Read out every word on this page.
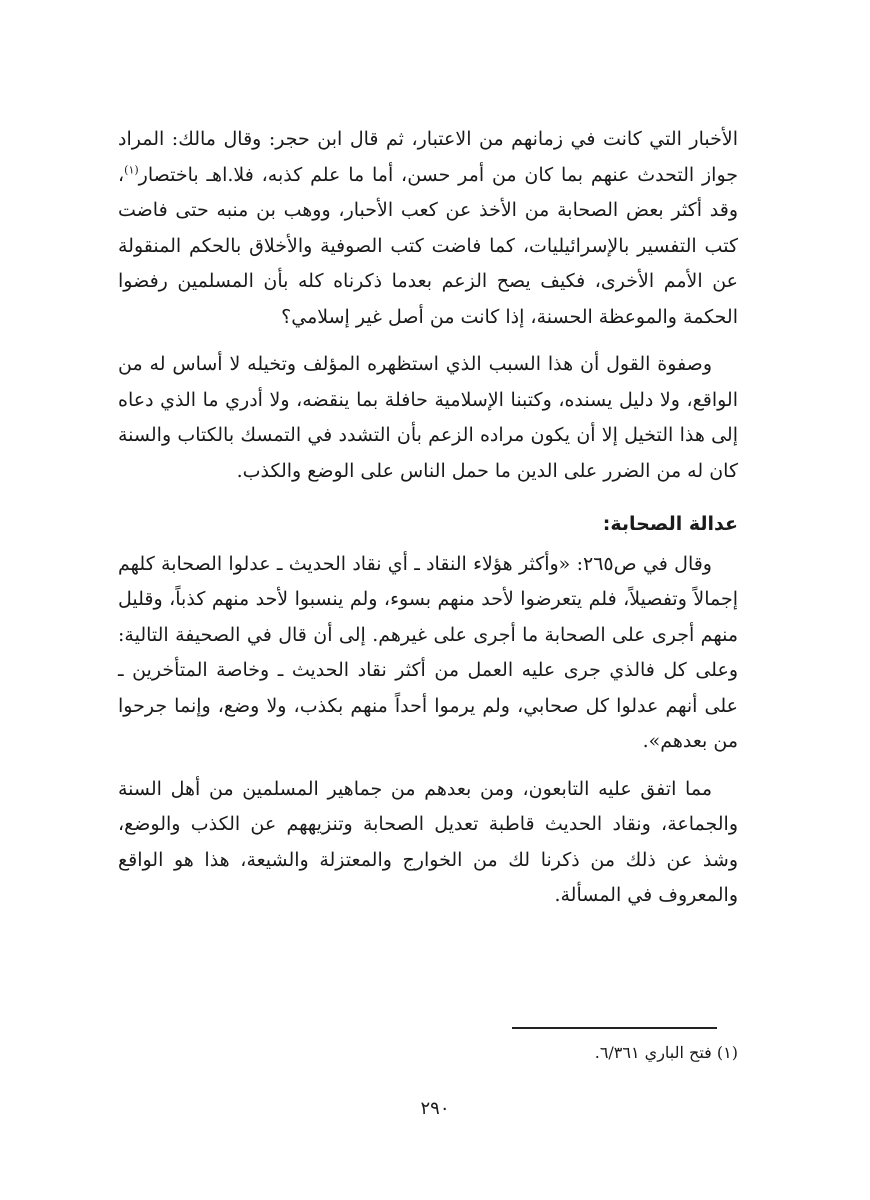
الأخبار التي كانت في زمانهم من الاعتبار، ثم قال ابن حجر: وقال مالك: المراد جواز التحدث عنهم بما كان من أمر حسن، أما ما علم كذبه، فلا.اهـ باختصار$^{(١)}$، وقد أكثر بعض الصحابة من الأخذ عن كعب الأحبار، ووهب بن منبه حتى فاضت كتب التفسير بالإسرائيليات، كما فاضت كتب الصوفية والأخلاق بالحكم المنقولة عن الأمم الأخرى، فكيف يصح الزعم بعدما ذكرناه كله بأن المسلمين رفضوا الحكمة والموعظة الحسنة، إذا كانت من أصل غير إسلامي؟

وصفوة القول أن هذا السبب الذي استظهره المؤلف وتخيله لا أساس له من الواقع، ولا دليل يسنده، وكتبنا الإسلامية حافلة بما ينقضه، ولا أدري ما الذي دعاه إلى هذا التخيل إلا أن يكون مراده الزعم بأن التشدد في التمسك بالكتاب والسنة كان له من الضرر على الدين ما حمل الناس على الوضع والكذب.

عدالة الصحابة:

وقال في ص٢٦٥: «وأكثر هؤلاء النقاد ـ أي نقاد الحديث ـ عدلوا الصحابة كلهم إجمالاً وتفصيلاً، فلم يتعرضوا لأحد منهم بسوء، ولم ينسبوا لأحد منهم كذباً، وقليل منهم أجرى على الصحابة ما أجرى على غيرهم. إلى أن قال في الصحيفة التالية: وعلى كل فالذي جرى عليه العمل من أكثر نقاد الحديث ـ وخاصة المتأخرين ـ على أنهم عدلوا كل صحابي، ولم يرموا أحداً منهم بكذب، ولا وضع، وإنما جرحوا من بعدهم».

مما اتفق عليه التابعون، ومن بعدهم من جماهير المسلمين من أهل السنة والجماعة، ونقاد الحديث قاطبة تعديل الصحابة وتنزيههم عن الكذب والوضع، وشذ عن ذلك من ذكرنا لك من الخوارج والمعتزلة والشيعة، هذا هو الواقع والمعروف في المسألة.

(١) فتح الباري ٦/٣٦١.
٢٩٠
